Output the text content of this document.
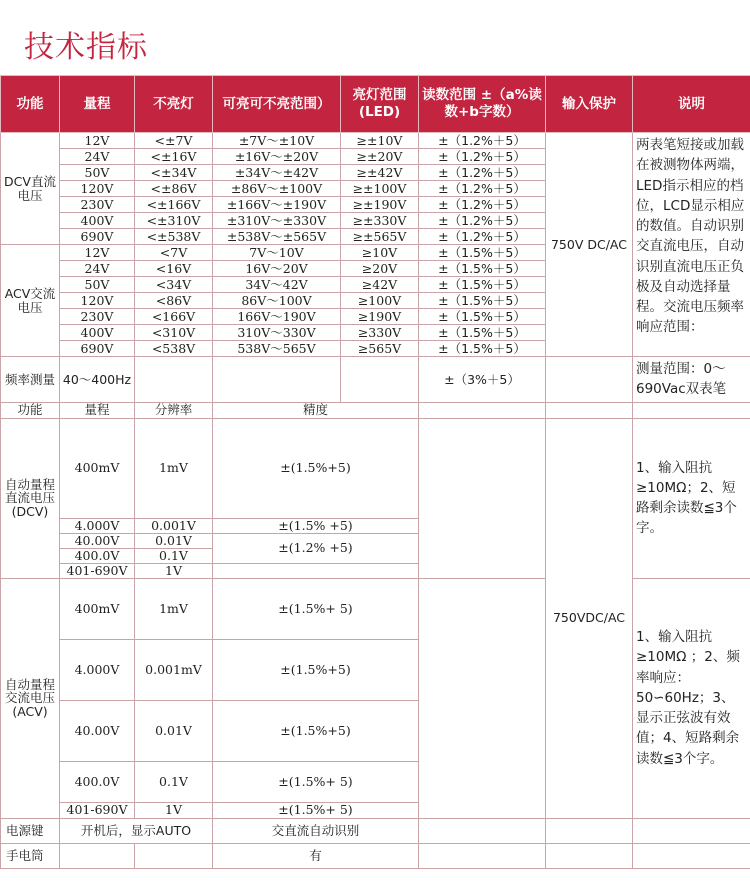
技术指标
功能	量程	不亮灯	可亮可不亮范围）	亮灯范围(LED)	读数范围 ±（a%读数+b字数）	输入保护	说明
DCV直流电压	12V	<±7V	±7V～±10V	≥±10V	±（1.2%＋5）	750V DC/AC	两表笔短接或加载在被测物体两端，LED指示相应的档位，LCD显示相应的数值。自动识别交直流电压，自动识别直流电压正负极及自动选择量程。交流电压频率响应范围：
	24V	<±16V	±16V～±20V	≥±20V	±（1.2%＋5）		
	50V	<±34V	±34V～±42V	≥±42V	±（1.2%＋5）		
	120V	<±86V	±86V～±100V	≥±100V	±（1.2%＋5）		
	230V	<±166V	±166V～±190V	≥±190V	±（1.2%＋5）		
	400V	<±310V	±310V～±330V	≥±330V	±（1.2%＋5）		
	690V	<±538V	±538V～±565V	≥±565V	±（1.2%＋5）		
ACV交流电压	12V	<7V	7V～10V	≥10V	±（1.5%＋5）		
	24V	<16V	16V～20V	≥20V	±（1.5%＋5）		
	50V	<34V	34V～42V	≥42V	±（1.5%＋5）		
	120V	<86V	86V～100V	≥100V	±（1.5%＋5）		
	230V	<166V	166V～190V	≥190V	±（1.5%＋5）		
	400V	<310V	310V～330V	≥330V	±（1.5%＋5）		
	690V	<538V	538V～565V	≥565V	±（1.5%＋5）		
频率测量	40～400Hz				±（3%＋5）		测量范围：0～690Vac双表笔
功能	量程	分辨率	精度				
自动量程直流电压(DCV)	400mV	1mV	±(1.5%+5)			750VDC/AC	1、输入阻抗 ≥10MΩ；2、短路剩余读数≦3个字。
	4.000V	0.001V	±(1.5% +5)				
	40.00V	0.01V	±(1.2% +5)				
	400.0V	0.1V					
	401-690V	1V					
自动量程交流电压(ACV)	400mV	1mV	±(1.5%+ 5)				1、输入阻抗 ≥10MΩ ；2、频率响应：50∽60Hz；3、显示正弦波有效值；4、短路剩余读数≦3个字。
	4.000V	0.001mV	±(1.5%+5)				
	40.00V	0.01V	±(1.5%+5)				
	400.0V	0.1V	±(1.5%+ 5)				
	401-690V	1V	±(1.5%+ 5)				
电源键	开机后，显示AUTO		交直流自动识别				
手电筒			有				
